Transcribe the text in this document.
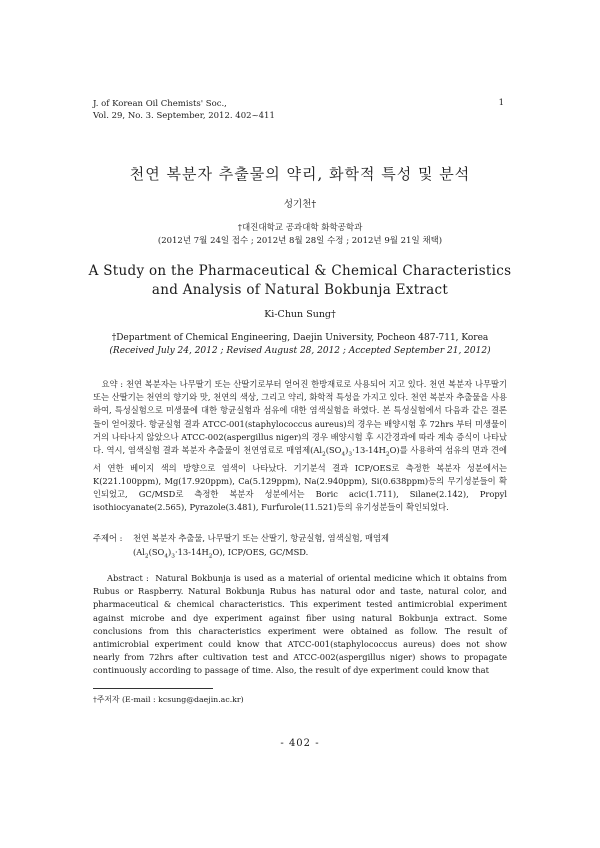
J. of Korean Oil Chemists' Soc.,
Vol. 29, No. 3. September, 2012. 402~411
1
천연 복분자 추출물의 약리, 화학적 특성 및 분석
성기천†
†대진대학교 공과대학 화학공학과
(2012년 7월 24일 접수 ; 2012년 8월 28일 수정 ; 2012년 9월 21일 채택)
A Study on the Pharmaceutical & Chemical Characteristics
and Analysis of Natural Bokbunja Extract
Ki-Chun Sung†
†Department of Chemical Engineering, Daejin University, Pocheon 487-711, Korea
(Received July 24, 2012 ; Revised August 28, 2012 ; Accepted September 21, 2012)
요약 : 천연 복분자는 나무딸기 또는 산딸기로부터 얻어진 한방재료로 사용되어 지고 있다. 천연 복분자 나무딸기 또는 산딸기는 천연의 향기와 맛, 천연의 색상, 그리고 약리, 화학적 특성을 가지고 있다. 천연 복분자 추출물을 사용하여, 특성실험으로 미생물에 대한 항균실험과 섬유에 대한 염색실험을 하였다. 본 특성실험에서 다음과 같은 결론들이 얻어졌다. 항균실험 결과 ATCC-001(staphylococcus aureus)의 경우는 배양시험 후 72hrs 부터 미생물이 거의 나타나지 않았으나 ATCC-002(aspergillus niger)의 경우 배양시험 후 시간경과에 따라 계속 증식이 나타났다. 역시, 염색실험 결과 복분자 추출물이 천연염료로 매염제$(Al_2(SO_4)_3\cdot 13-14H_2O)$를 사용하여 섬유의 면과 견에서 연한 베이지 색의 방향으로 염색이 나타났다. 기기분석 결과 ICP/OES로 측정한 복분자 성분에서는 K(221.100ppm), Mg(17.920ppm), Ca(5.129ppm), Na(2.940ppm), Si(0.638ppm)등의 무기성분들이 확인되었고, GC/MSD로 측정한 복분자 성분에서는 Boric acic(1.711), Silane(2.142), Propyl isothiocyanate(2.565), Pyrazole(3.481), Furfurole(11.521)등의 유기성분들이 확인되었다.
주제어 : 천연 복분자 추출물, 나무딸기 또는 산딸기, 항균실험, 염색실험, 매염제
$(Al_2(SO_4)_3\cdot 13-14H_2O)$, ICP/OES, GC/MSD.
Abstract : Natural Bokbunja is used as a material of oriental medicine which it obtains from Rubus or Raspberry. Natural Bokbunja Rubus has natural odor and taste, natural color, and pharmaceutical & chemical characteristics. This experiment tested antimicrobial experiment against microbe and dye experiment against fiber using natural Bokbunja extract. Some conclusions from this characteristics experiment were obtained as follow. The result of antimicrobial experiment could know that ATCC-001(staphylococcus aureus) does not show nearly from 72hrs after cultivation test and ATCC-002(aspergillus niger) shows to propagate continuously according to passage of time. Also, the result of dye experiment could know that
†주저자 (E-mail : kcsung@daejin.ac.kr)
- 402 -
